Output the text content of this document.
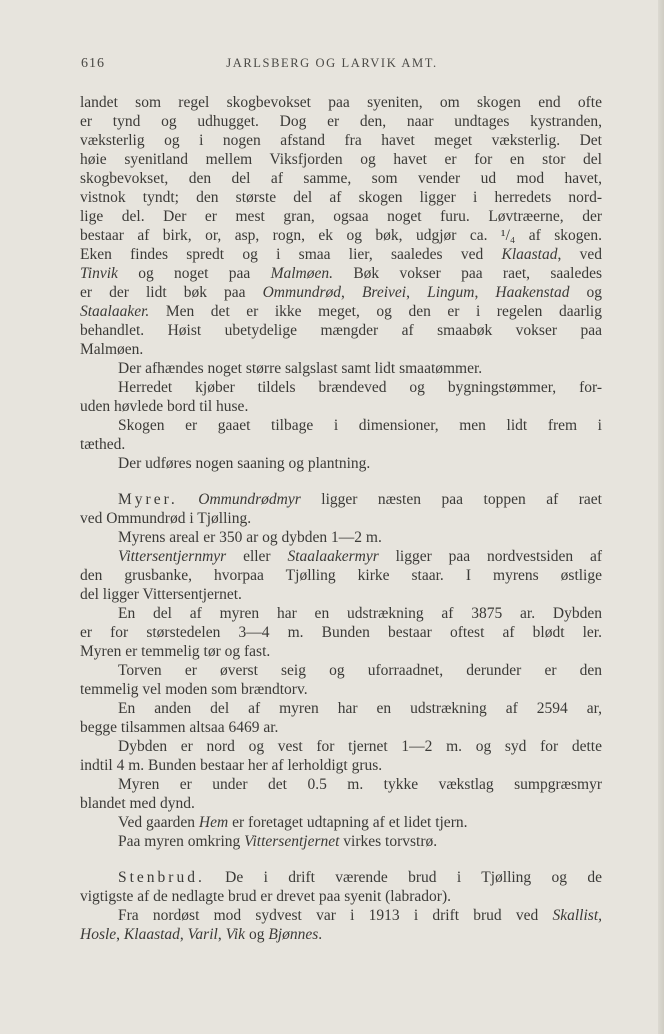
616	JARLSBERG OG LARVIK AMT.
landet som regel skogbevokset paa syeniten, om skogen end ofte
er tynd og udhugget. Dog er den, naar undtages kystranden,
væksterlig og i nogen afstand fra havet meget væksterlig. Det
høie syenitland mellem Viksfjorden og havet er for en stor del
skogbevokset, den del af samme, som vender ud mod havet,
vistnok tyndt; den største del af skogen ligger i herredets nord-
lige del. Der er mest gran, ogsaa noget furu. Løvtræerne, der
bestaar af birk, or, asp, rogn, ek og bøk, udgjør ca. ¹/₄ af skogen.
Eken findes spredt og i smaa lier, saaledes ved Klaastad, ved
Tinvik og noget paa Malmøen. Bøk vokser paa raet, saaledes
er der lidt bøk paa Ommundrød, Breivei, Lingum, Haakenstad og
Staalaaker. Men det er ikke meget, og den er i regelen daarlig
behandlet. Høist ubetydelige mængder af smaabøk vokser paa
Malmøen.
Der afhændes noget større salgslast samt lidt smaatømmer.
Herredet kjøber tildels brændeved og bygningstømmer, for-
uden høvlede bord til huse.
Skogen er gaaet tilbage i dimensioner, men lidt frem i
tæthed.
Der udføres nogen saaning og plantning.
Myrer. Ommundrødmyr ligger næsten paa toppen af raet
ved Ommundrød i Tjølling.
Myrens areal er 350 ar og dybden 1—2 m.
Vittersentjernmyr eller Staalaakermyr ligger paa nordvestsiden af
den grusbanke, hvorpaa Tjølling kirke staar. I myrens østlige
del ligger Vittersentjernet.
En del af myren har en udstrækning af 3875 ar. Dybden
er for størstedelen 3—4 m. Bunden bestaar oftest af blødt ler.
Myren er temmelig tør og fast.
Torven er øverst seig og uforraadnet, derunder er den
temmelig vel moden som brændtorv.
En anden del af myren har en udstrækning af 2594 ar,
begge tilsammen altsaa 6469 ar.
Dybden er nord og vest for tjernet 1—2 m. og syd for dette
indtil 4 m. Bunden bestaar her af lerholdigt grus.
Myren er under det 0.5 m. tykke vækstlag sumpgræsmyr
blandet med dynd.
Ved gaarden Hem er foretaget udtapning af et lidet tjern.
Paa myren omkring Vittersentjernet virkes torvstrø.
Stenbrud. De i drift værende brud i Tjølling og de
vigtigste af de nedlagte brud er drevet paa syenit (labrador).
Fra nordøst mod sydvest var i 1913 i drift brud ved Skallist,
Hosle, Klaastad, Varil, Vik og Bjønnes.
